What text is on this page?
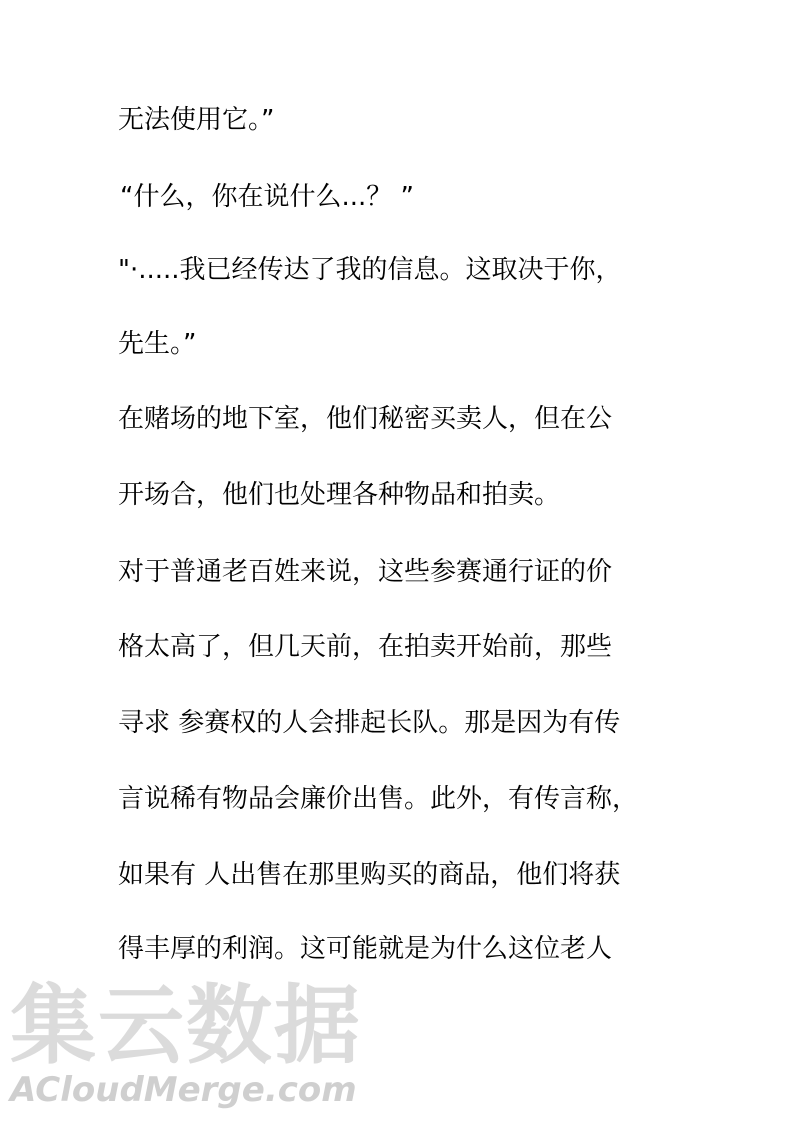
无法使用它。”
“什么，你在说什么...？ ”
"·.....我已经传达了我的信息。这取决于你，
先生。”
在赌场的地下室，他们秘密买卖人，但在公
开场合，他们也处理各种物品和拍卖。
对于普通老百姓来说，这些参赛通行证的价
格太高了，但几天前，在拍卖开始前，那些
寻求 参赛权的人会排起长队。那是因为有传
言说稀有物品会廉价出售。此外，有传言称，
如果有 人出售在那里购买的商品，他们将获
得丰厚的利润。这可能就是为什么这位老人
集云数据
ACloudMerge.com
